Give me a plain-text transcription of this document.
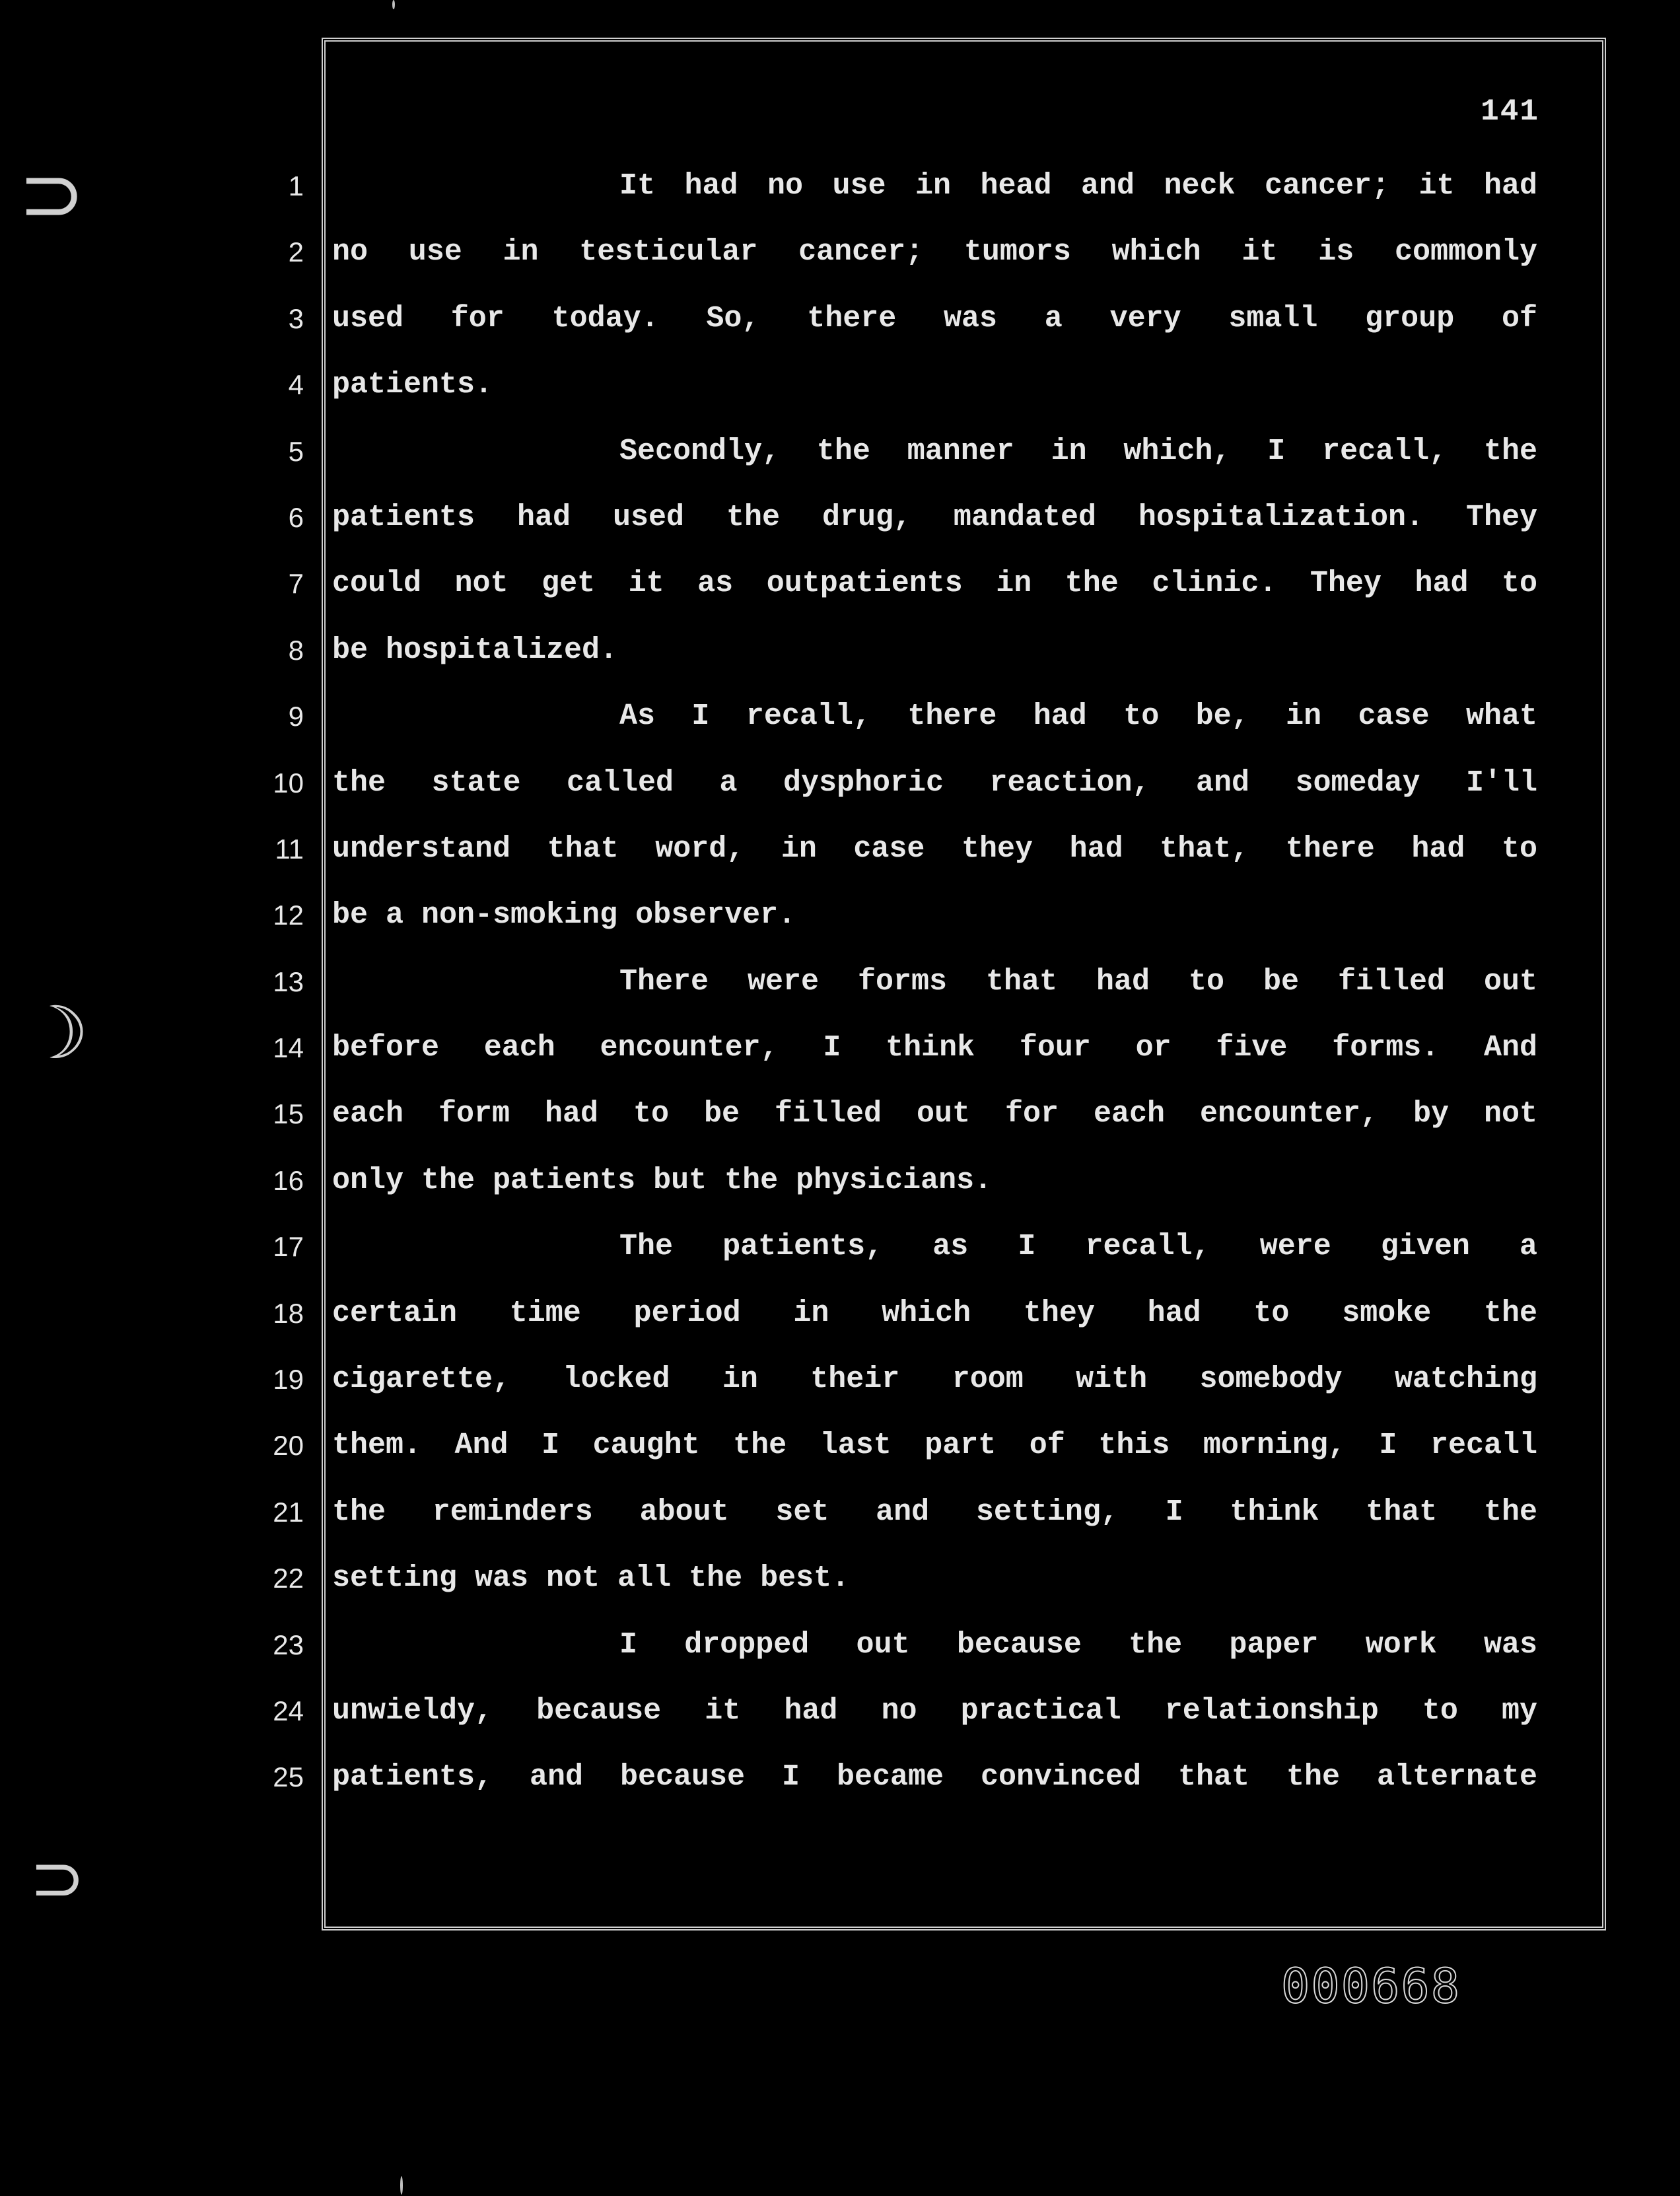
⊃
☽
⊃
141
1
2
3
4
5
6
7
8
9
10
11
12
13
14
15
16
17
18
19
20
21
22
23
24
25
It had no use in head and neck cancer; it had
no use in testicular cancer; tumors which it is commonly
used for today. So, there was a very small group of
patients.
Secondly, the manner in which, I recall, the
patients had used the drug, mandated hospitalization. They
could not get it as outpatients in the clinic. They had to
be hospitalized.
As I recall, there had to be, in case what
the state called a dysphoric reaction, and someday I'll
understand that word, in case they had that, there had to
be a non-smoking observer.
There were forms that had to be filled out
before each encounter, I think four or five forms. And
each form had to be filled out for each encounter, by not
only the patients but the physicians.
The patients, as I recall, were given a
certain time period in which they had to smoke the
cigarette, locked in their room with somebody watching
them. And I caught the last part of this morning, I recall
the reminders about set and setting, I think that the
setting was not all the best.
I dropped out because the paper work was
unwieldy, because it had no practical relationship to my
patients, and because I became convinced that the alternate
000668
